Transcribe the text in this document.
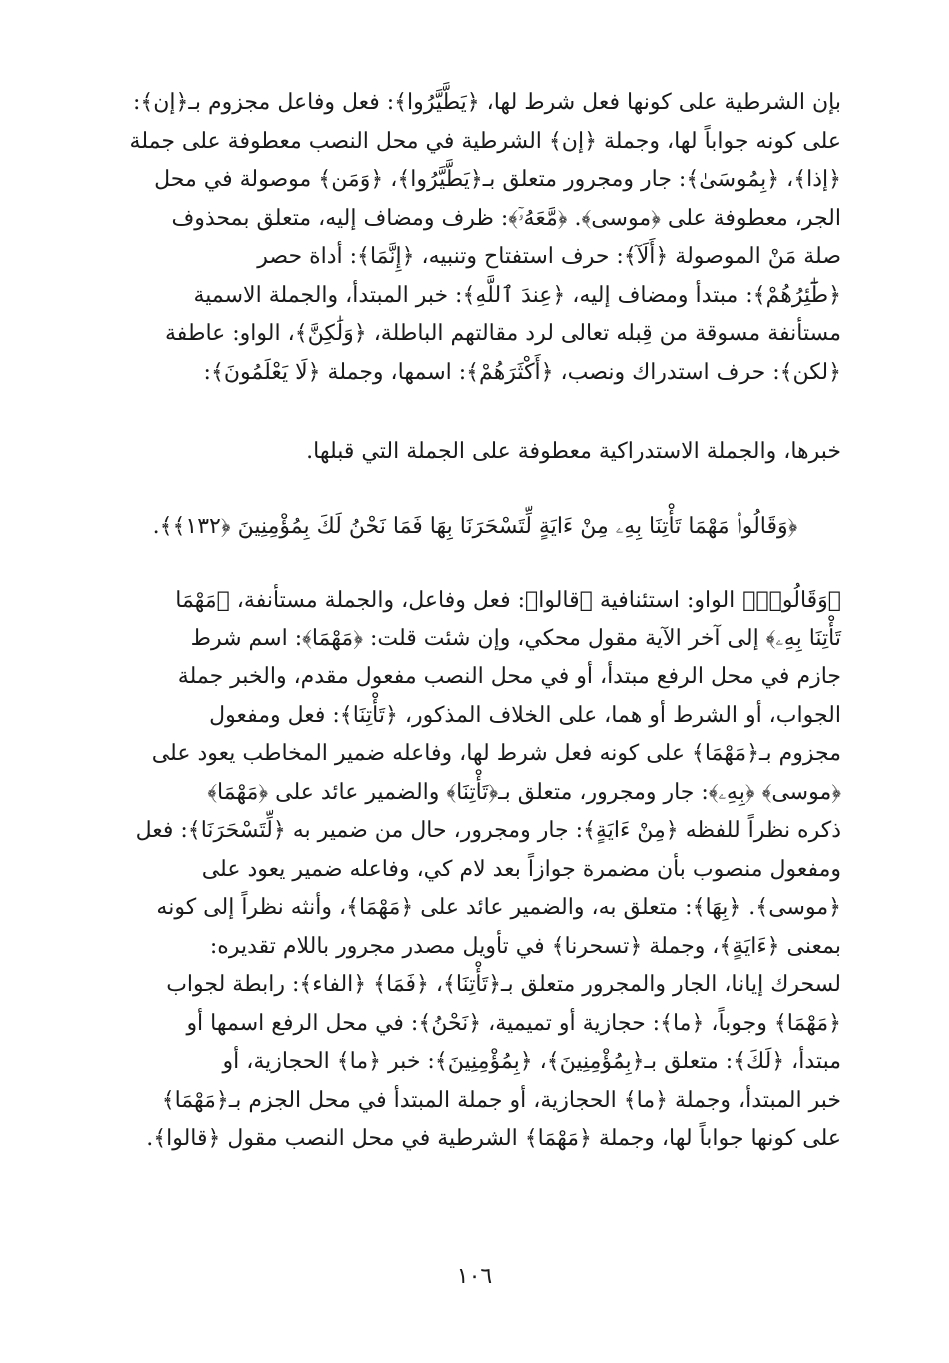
بإن الشرطية على كونها فعل شرط لها، ﴿يَطَّيَّرُوا﴾: فعل وفاعل مجزوم بـ﴿إن﴾:
على كونه جواباً لها، وجملة ﴿إن﴾ الشرطية في محل النصب معطوفة على جملة
﴿إذا﴾، ﴿بِمُوسَىٰ﴾: جار ومجرور متعلق بـ﴿يَطَّيَّرُوا﴾، ﴿وَمَن﴾ موصولة في محل
الجر، معطوفة على ﴿موسى﴾. ﴿مَّعَهُۥٓ﴾: ظرف ومضاف إليه، متعلق بمحذوف
صلة مَنْ الموصولة ﴿أَلَآ﴾: حرف استفتاح وتنبيه، ﴿إِنَّمَا﴾: أداة حصر
﴿طَٰٓئِرُهُمْ﴾: مبتدأ ومضاف إليه، ﴿عِندَ ٱللَّهِ﴾: خبر المبتدأ، والجملة الاسمية
مستأنفة مسوقة من قِبله تعالى لرد مقالتهم الباطلة، ﴿وَلَٰكِنَّ﴾، الواو: عاطفة
﴿لكن﴾: حرف استدراك ونصب، ﴿أَكْثَرَهُمْ﴾: اسمها، وجملة ﴿لَا يَعْلَمُونَ﴾:
خبرها، والجملة الاستدراكية معطوفة على الجملة التي قبلها.
﴿وَقَالُوا۟ مَهْمَا تَأْتِنَا بِهِۦ مِنْ ءَايَةٍ لِّتَسْحَرَنَا بِهَا فَمَا نَحْنُ لَكَ بِمُؤْمِنِينَ ﴿١٣٢﴾﴾.
﴿وَقَالُوا۟﴾ الواو: استئنافية ﴿قالوا﴾: فعل وفاعل، والجملة مستأنفة، ﴿مَهْمَا
تَأْتِنَا بِهِۦ﴾ إلى آخر الآية مقول محكي، وإن شئت قلت: ﴿مَهْمَا﴾: اسم شرط
جازم في محل الرفع مبتدأ، أو في محل النصب مفعول مقدم، والخبر جملة
الجواب، أو الشرط أو هما، على الخلاف المذكور، ﴿تَأْتِنَا﴾: فعل ومفعول
مجزوم بـ﴿مَهْمَا﴾ على كونه فعل شرط لها، وفاعله ضمير المخاطب يعود على
﴿موسى﴾ ﴿بِهِۦ﴾: جار ومجرور، متعلق بـ﴿تَأْتِنَا﴾ والضمير عائد على ﴿مَهْمَا﴾
ذكره نظراً للفظه ﴿مِنْ ءَايَةٍ﴾: جار ومجرور، حال من ضمير به ﴿لِّتَسْحَرَنَا﴾: فعل
ومفعول منصوب بأن مضمرة جوازاً بعد لام كي، وفاعله ضمير يعود على
﴿موسى﴾. ﴿بِهَا﴾: متعلق به، والضمير عائد على ﴿مَهْمَا﴾، وأنثه نظراً إلى كونه
بمعنى ﴿ءَايَةٍ﴾، وجملة ﴿تسحرنا﴾ في تأويل مصدر مجرور باللام تقديره:
لسحرك إيانا، الجار والمجرور متعلق بـ﴿تَأْتِنَا﴾، ﴿فَمَا﴾ ﴿الفاء﴾: رابطة لجواب
﴿مَهْمَا﴾ وجوباً، ﴿ما﴾: حجازية أو تميمية، ﴿نَحْنُ﴾: في محل الرفع اسمها أو
مبتدأ، ﴿لَكَ﴾: متعلق بـ﴿بِمُؤْمِنِينَ﴾، ﴿بِمُؤْمِنِينَ﴾: خبر ﴿ما﴾ الحجازية، أو
خبر المبتدأ، وجملة ﴿ما﴾ الحجازية، أو جملة المبتدأ في محل الجزم بـ﴿مَهْمَا﴾
على كونها جواباً لها، وجملة ﴿مَهْمَا﴾ الشرطية في محل النصب مقول ﴿قالوا﴾.
١٠٦
